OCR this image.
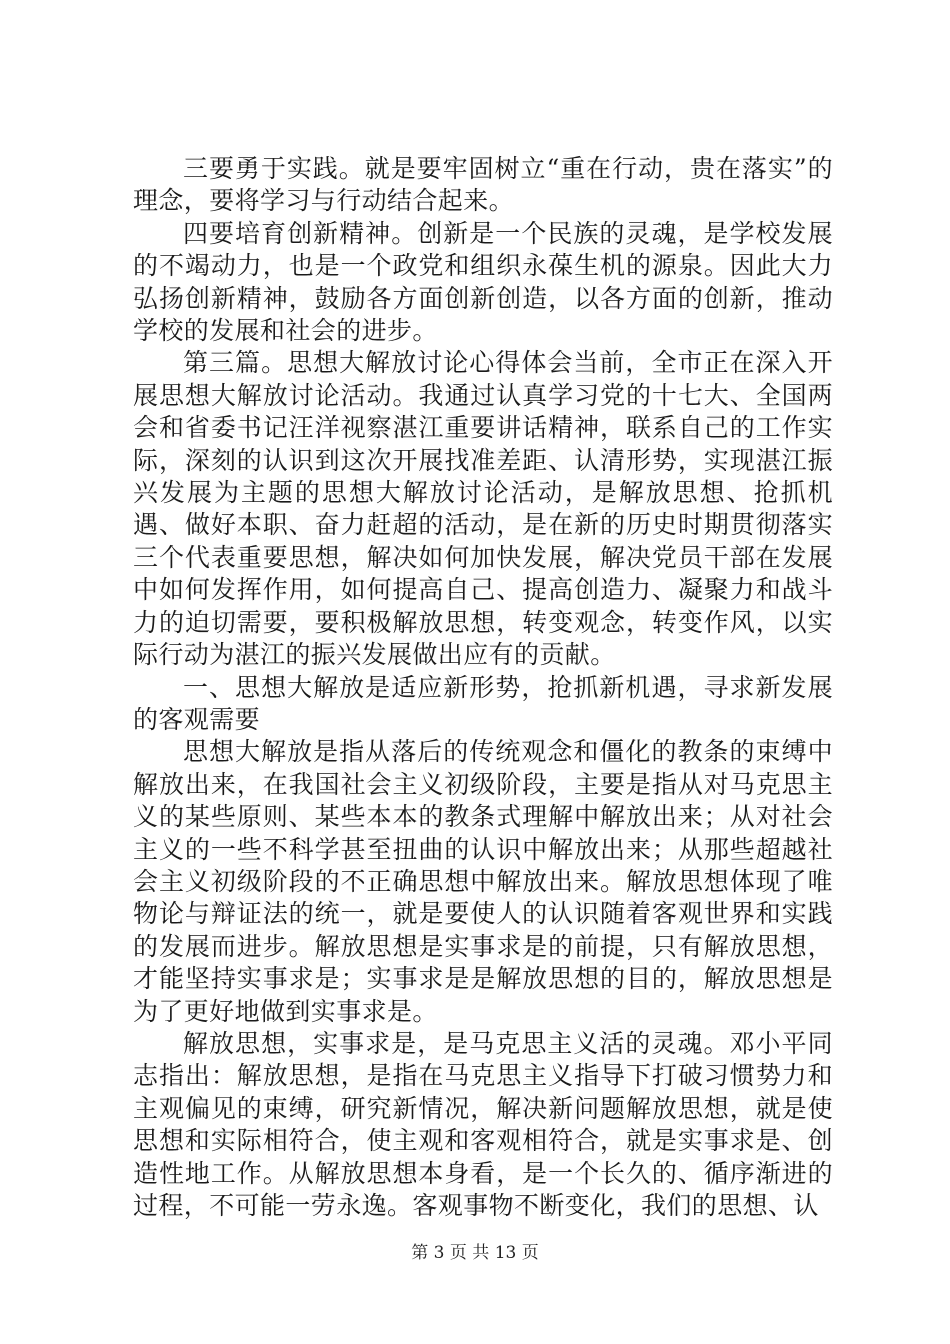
三要勇于实践。就是要牢固树立“重在行动，贵在落实”的理念，要将学习与行动结合起来。

四要培育创新精神。创新是一个民族的灵魂，是学校发展的不竭动力，也是一个政党和组织永葆生机的源泉。因此大力弘扬创新精神，鼓励各方面创新创造，以各方面的创新，推动学校的发展和社会的进步。

第三篇。思想大解放讨论心得体会当前，全市正在深入开展思想大解放讨论活动。我通过认真学习党的十七大、全国两会和省委书记汪洋视察湛江重要讲话精神，联系自己的工作实际，深刻的认识到这次开展找准差距、认清形势，实现湛江振兴发展为主题的思想大解放讨论活动，是解放思想、抢抓机遇、做好本职、奋力赶超的活动，是在新的历史时期贯彻落实三个代表重要思想，解决如何加快发展，解决党员干部在发展中如何发挥作用，如何提高自己、提高创造力、凝聚力和战斗力的迫切需要，要积极解放思想，转变观念，转变作风，以实际行动为湛江的振兴发展做出应有的贡献。

一、思想大解放是适应新形势，抢抓新机遇，寻求新发展的客观需要

思想大解放是指从落后的传统观念和僵化的教条的束缚中解放出来，在我国社会主义初级阶段，主要是指从对马克思主义的某些原则、某些本本的教条式理解中解放出来；从对社会主义的一些不科学甚至扭曲的认识中解放出来；从那些超越社会主义初级阶段的不正确思想中解放出来。解放思想体现了唯物论与辩证法的统一，就是要使人的认识随着客观世界和实践的发展而进步。解放思想是实事求是的前提，只有解放思想，才能坚持实事求是；实事求是是解放思想的目的，解放思想是为了更好地做到实事求是。

解放思想，实事求是，是马克思主义活的灵魂。邓小平同志指出：解放思想，是指在马克思主义指导下打破习惯势力和主观偏见的束缚，研究新情况，解决新问题解放思想，就是使思想和实际相符合，使主观和客观相符合，就是实事求是、创造性地工作。从解放思想本身看，是一个长久的、循序渐进的过程，不可能一劳永逸。客观事物不断变化，我们的思想、认

第 3 页 共 13 页
